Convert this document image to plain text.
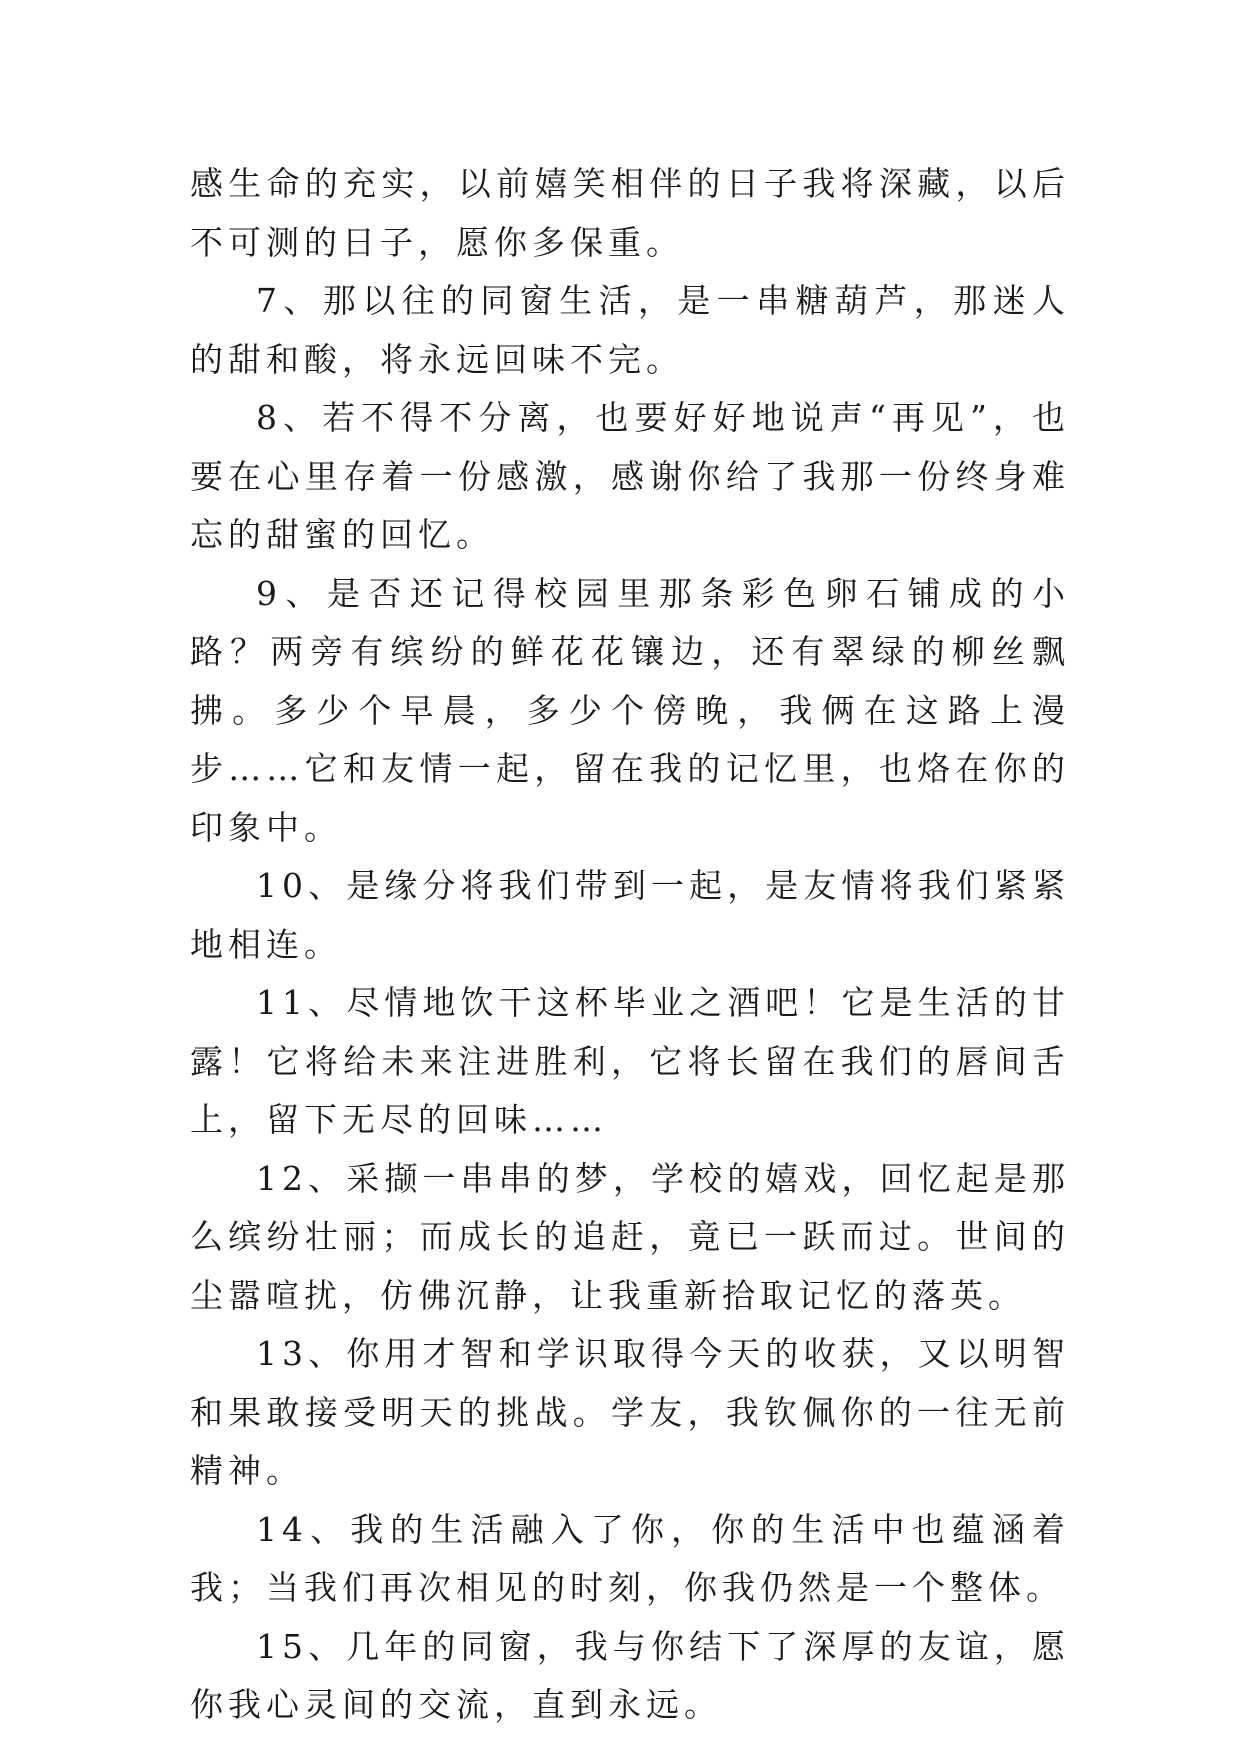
感生命的充实，以前嬉笑相伴的日子我将深藏，以后不可测的日子，愿你多保重。

7、那以往的同窗生活，是一串糖葫芦，那迷人的甜和酸，将永远回味不完。

8、若不得不分离，也要好好地说声“再见”，也要在心里存着一份感激，感谢你给了我那一份终身难忘的甜蜜的回忆。

9、是否还记得校园里那条彩色卵石铺成的小路？两旁有缤纷的鲜花花镶边，还有翠绿的柳丝飘拂。多少个早晨，多少个傍晚，我俩在这路上漫步……它和友情一起，留在我的记忆里，也烙在你的印象中。

10、是缘分将我们带到一起，是友情将我们紧紧地相连。

11、尽情地饮干这杯毕业之酒吧！它是生活的甘露！它将给未来注进胜利，它将长留在我们的唇间舌上，留下无尽的回味……

12、采撷一串串的梦，学校的嬉戏，回忆起是那么缤纷壮丽；而成长的追赶，竟已一跃而过。世间的尘嚣喧扰，仿佛沉静，让我重新拾取记忆的落英。

13、你用才智和学识取得今天的收获，又以明智和果敢接受明天的挑战。学友，我钦佩你的一往无前精神。

14、我的生活融入了你，你的生活中也蕴涵着我；当我们再次相见的时刻，你我仍然是一个整体。

15、几年的同窗，我与你结下了深厚的友谊，愿你我心灵间的交流，直到永远。
